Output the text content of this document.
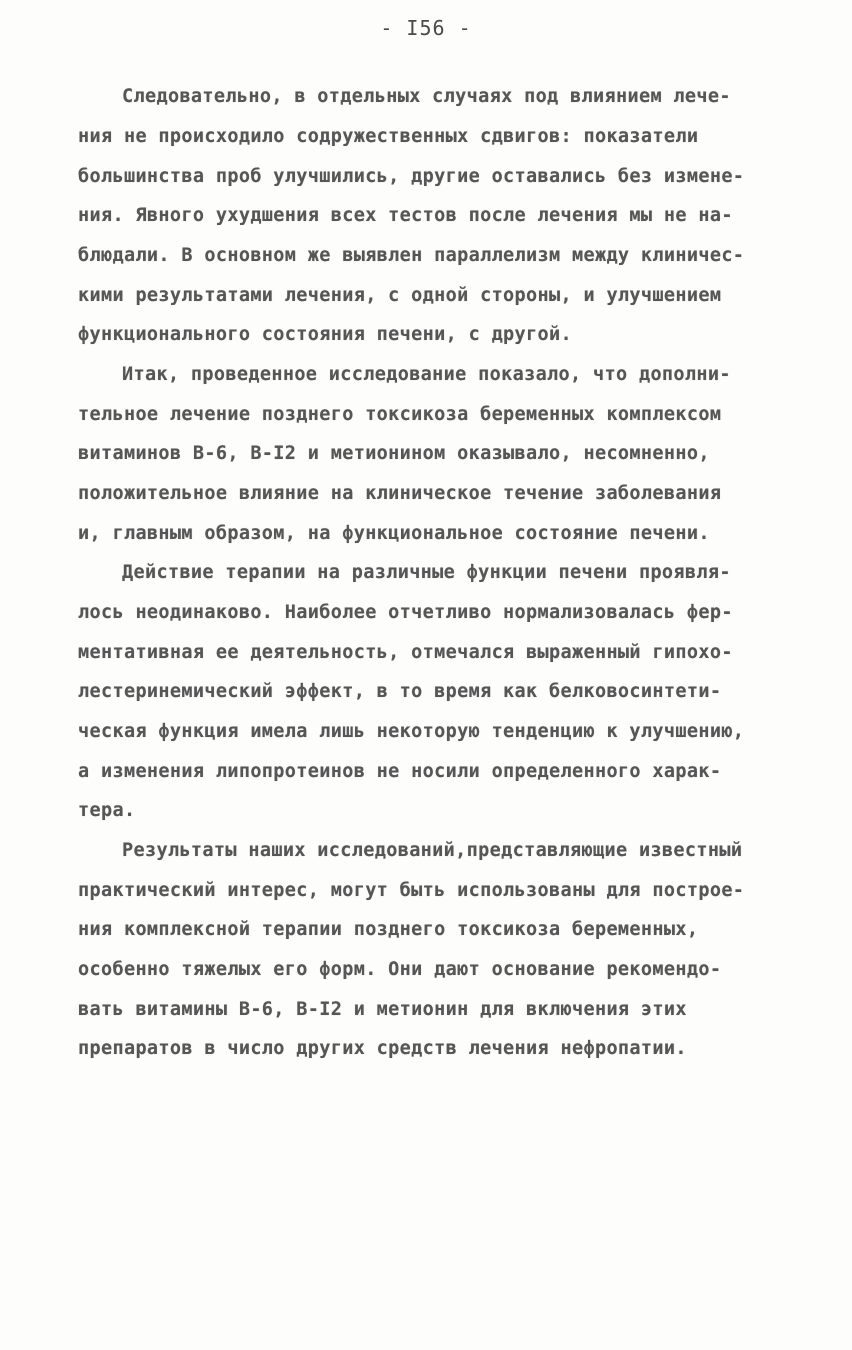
- I56 -
Следовательно, в отдельных случаях под влиянием лече-
ния не происходило содружественных сдвигов: показатели
большинства проб улучшились, другие оставались без измене-
ния. Явного ухудшения всех тестов после лечения мы не на-
блюдали. В основном же выявлен параллелизм между клиничес-
кими результатами лечения, с одной стороны, и улучшением
функционального состояния печени, с другой.
Итак, проведенное исследование показало, что дополни-
тельное лечение позднего токсикоза беременных комплексом
витаминов В-6, В-I2 и метионином оказывало, несомненно,
положительное влияние на клиническое течение заболевания
и, главным образом, на функциональное состояние печени.
Действие терапии на различные функции печени проявля-
лось неодинаково. Наиболее отчетливо нормализовалась фер-
ментативная ее деятельность, отмечался выраженный гипохо-
лестеринемический эффект, в то время как белковосинтети-
ческая функция имела лишь некоторую тенденцию к улучшению,
а изменения липопротеинов не носили определенного харак-
тера.
Результаты наших исследований,представляющие известный
практический интерес, могут быть использованы для построе-
ния комплексной терапии позднего токсикоза беременных,
особенно тяжелых его форм. Они дают основание рекомендо-
вать витамины В-6, В-I2 и метионин для включения этих
препаратов в число других средств лечения нефропатии.
